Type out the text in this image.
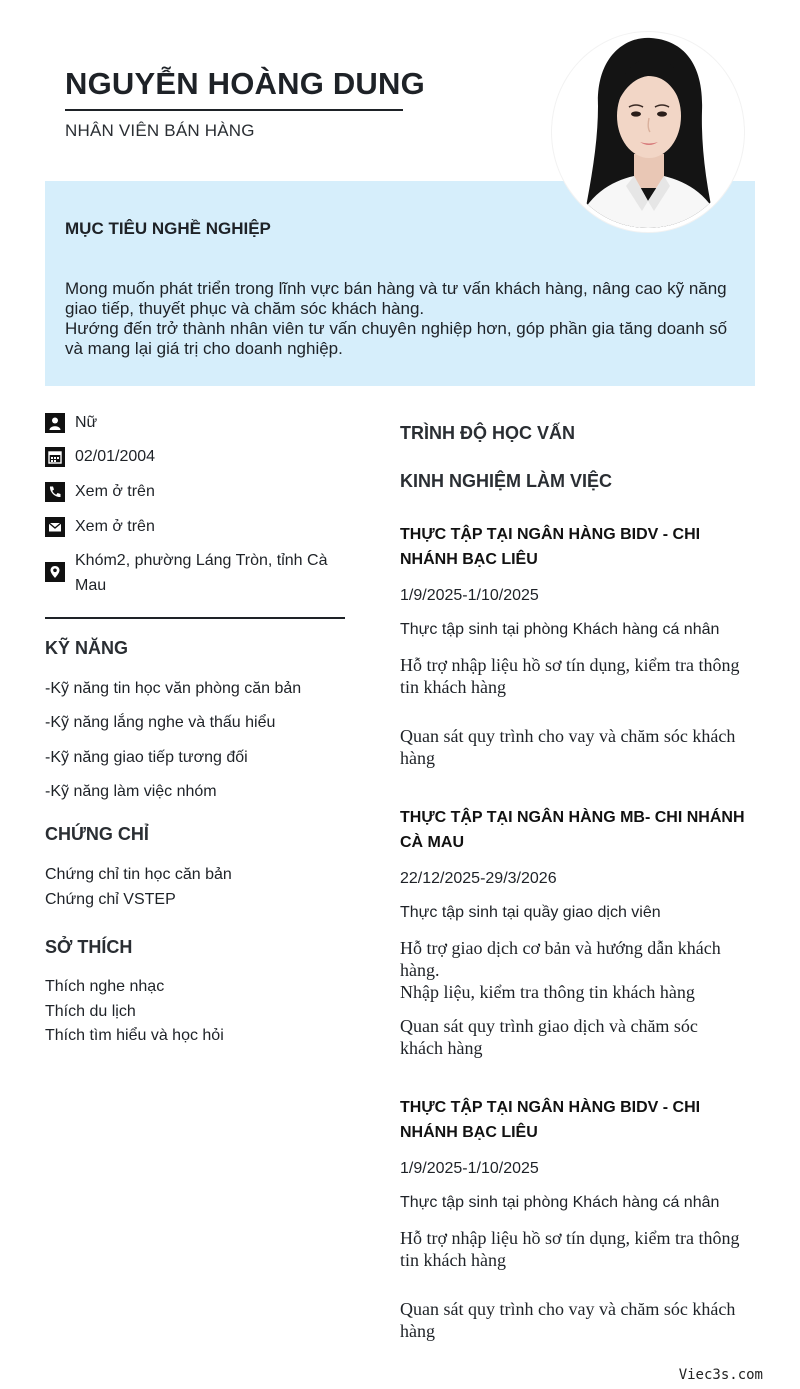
NGUYỄN HOÀNG DUNG
NHÂN VIÊN BÁN HÀNG
MỤC TIÊU NGHỀ NGHIỆP

Mong muốn phát triển trong lĩnh vực bán hàng và tư vấn khách hàng, nâng cao kỹ năng giao tiếp, thuyết phục và chăm sóc khách hàng.

Hướng đến trở thành nhân viên tư vấn chuyên nghiệp hơn, góp phần gia tăng doanh số và mang lại giá trị cho doanh nghiệp.

Nữ
02/01/2004
Xem ở trên
Xem ở trên
Khóm2, phường Láng Tròn, tỉnh Cà Mau
KỸ NĂNG
-Kỹ năng tin học văn phòng căn bản
-Kỹ năng lắng nghe và thấu hiểu
-Kỹ năng giao tiếp tương đối
-Kỹ năng làm việc nhóm
CHỨNG CHỈ
Chứng chỉ tin học căn bản
Chứng chỉ VSTEP
SỞ THÍCH
Thích nghe nhạc
Thích du lịch
Thích tìm hiểu và học hỏi
TRÌNH ĐỘ HỌC VẤN
KINH NGHIỆM LÀM VIỆC
THỰC TẬP TẠI NGÂN HÀNG BIDV - CHI NHÁNH BẠC LIÊU
1/9/2025-1/10/2025
Thực tập sinh tại phòng Khách hàng cá nhân
Hỗ trợ nhập liệu hồ sơ tín dụng, kiểm tra thông tin khách hàng
Quan sát quy trình cho vay và chăm sóc khách hàng
THỰC TẬP TẠI NGÂN HÀNG MB- CHI NHÁNH CÀ MAU
22/12/2025-29/3/2026
Thực tập sinh tại quầy giao dịch viên
Hỗ trợ giao dịch cơ bản và hướng dẫn khách hàng.
Nhập liệu, kiểm tra thông tin khách hàng
Quan sát quy trình giao dịch và chăm sóc khách hàng
THỰC TẬP TẠI NGÂN HÀNG BIDV - CHI NHÁNH BẠC LIÊU
1/9/2025-1/10/2025
Thực tập sinh tại phòng Khách hàng cá nhân
Hỗ trợ nhập liệu hồ sơ tín dụng, kiểm tra thông tin khách hàng
Quan sát quy trình cho vay và chăm sóc khách hàng
Viec3s.com
